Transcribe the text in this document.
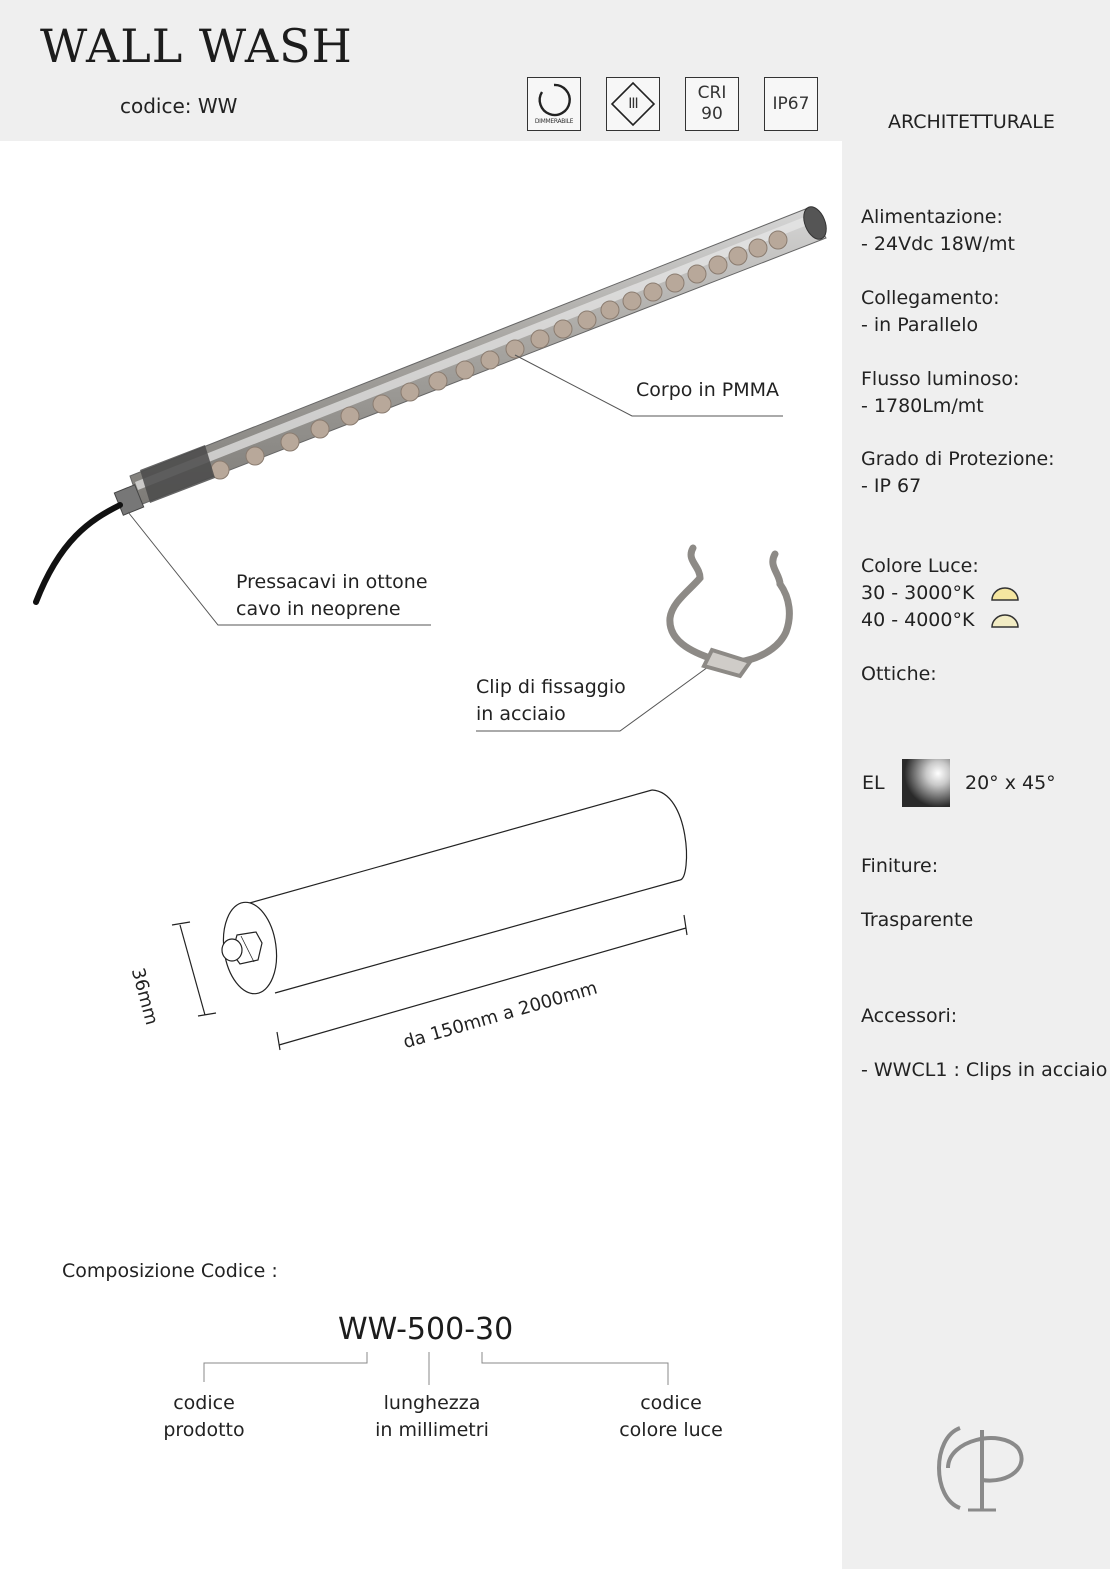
WALL WASH
codice: WW
DIMMERABILE
III
CRI
90	IP67
ARCHITETTURALE
Corpo in PMMA
Pressacavi in ottone
cavo in neoprene
Clip di fissaggio
in acciaio
36mm	da 150mm a 2000mm
Alimentazione:
- 24Vdc 18W/mt
Collegamento:
- in Parallelo
Flusso luminoso:
- 1780Lm/mt
Grado di Protezione:
- IP 67
Colore Luce:
30 - 3000°K
40 - 4000°K
Ottiche:
EL	20° x 45°
Finiture:
Trasparente
Accessori:
- WWCL1 : Clips in acciaio
Composizione Codice :
WW-500-30
codice
prodotto
lunghezza
in millimetri
codice
colore luce
